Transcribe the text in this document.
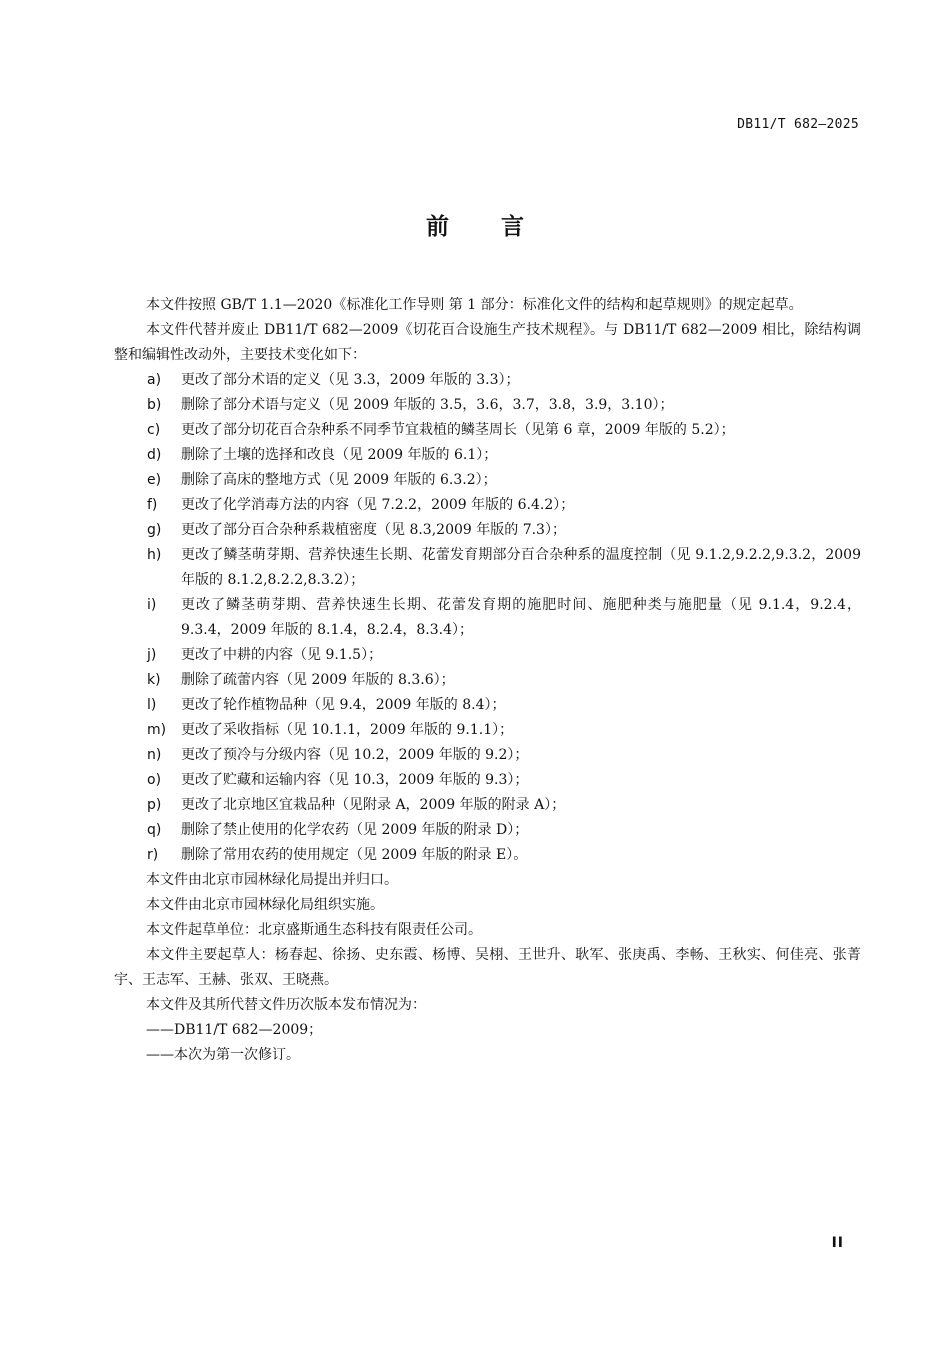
DB11/T 682—2025
前 言

本文件按照 GB/T 1.1—2020《标准化工作导则 第 1 部分：标准化文件的结构和起草规则》的规定起草。

本文件代替并废止 DB11/T 682—2009《切花百合设施生产技术规程》。与 DB11/T 682—2009 相比，除结构调整和编辑性改动外，主要技术变化如下：

a) 更改了部分术语的定义（见 3.3，2009 年版的 3.3）；
b) 删除了部分术语与定义（见 2009 年版的 3.5，3.6，3.7，3.8，3.9，3.10）；
c) 更改了部分切花百合杂种系不同季节宜栽植的鳞茎周长（见第 6 章，2009 年版的 5.2）；
d) 删除了土壤的选择和改良（见 2009 年版的 6.1）；
e) 删除了高床的整地方式（见 2009 年版的 6.3.2）；
f) 更改了化学消毒方法的内容（见 7.2.2，2009 年版的 6.4.2）；
g) 更改了部分百合杂种系栽植密度（见 8.3,2009 年版的 7.3）；
h) 更改了鳞茎萌芽期、营养快速生长期、花蕾发育期部分百合杂种系的温度控制（见 9.1.2,9.2.2,9.3.2，2009 年版的 8.1.2,8.2.2,8.3.2）；
i) 更改了鳞茎萌芽期、营养快速生长期、花蕾发育期的施肥时间、施肥种类与施肥量（见 9.1.4，9.2.4，9.3.4，2009 年版的 8.1.4，8.2.4，8.3.4）；
j) 更改了中耕的内容（见 9.1.5）；
k) 删除了疏蕾内容（见 2009 年版的 8.3.6）；
l) 更改了轮作植物品种（见 9.4，2009 年版的 8.4）；
m) 更改了采收指标（见 10.1.1，2009 年版的 9.1.1）；
n) 更改了预冷与分级内容（见 10.2，2009 年版的 9.2）；
o) 更改了贮藏和运输内容（见 10.3，2009 年版的 9.3）；
p) 更改了北京地区宜栽品种（见附录 A，2009 年版的附录 A）；
q) 删除了禁止使用的化学农药（见 2009 年版的附录 D）；
r) 删除了常用农药的使用规定（见 2009 年版的附录 E）。

本文件由北京市园林绿化局提出并归口。

本文件由北京市园林绿化局组织实施。

本文件起草单位：北京盛斯通生态科技有限责任公司。

本文件主要起草人：杨春起、徐扬、史东霞、杨博、吴栩、王世升、耿军、张庚禹、李畅、王秋实、何佳亮、张菁宇、王志军、王赫、张双、王晓燕。

本文件及其所代替文件历次版本发布情况为：

——DB11/T 682—2009；

——本次为第一次修订。

II
